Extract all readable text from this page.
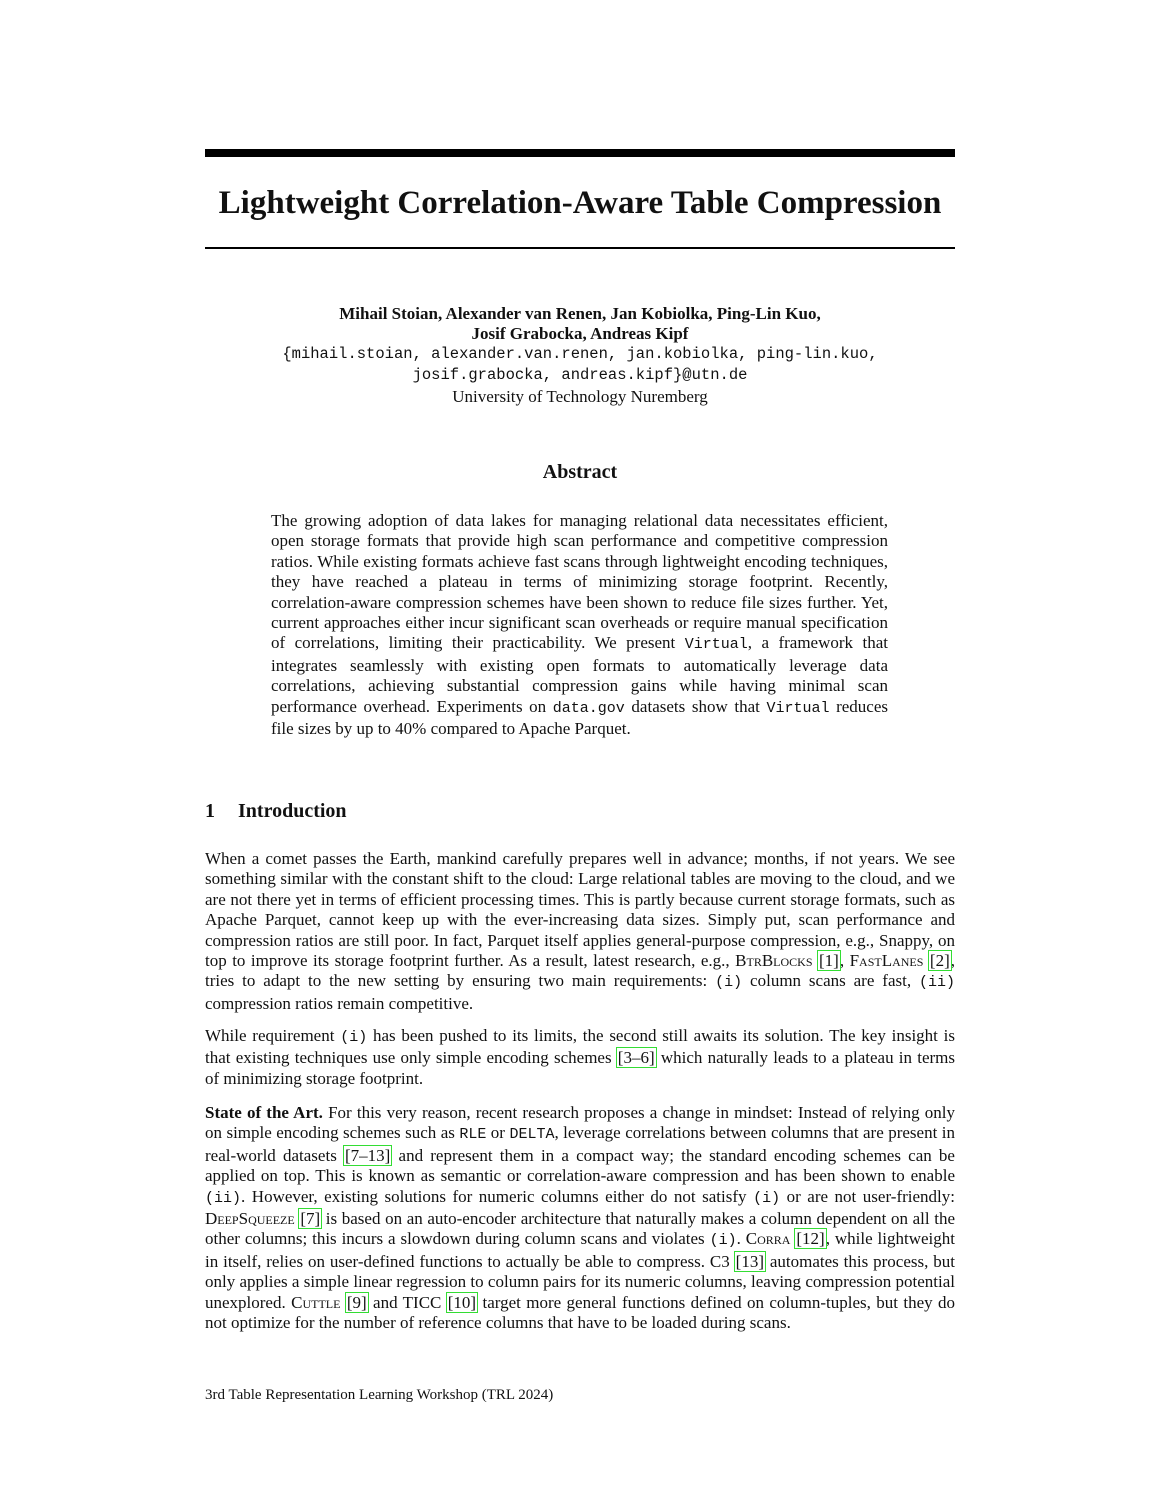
Lightweight Correlation-Aware Table Compression
Mihail Stoian, Alexander van Renen, Jan Kobiolka, Ping-Lin Kuo,
Josif Grabocka, Andreas Kipf
{mihail.stoian, alexander.van.renen, jan.kobiolka, ping-lin.kuo,
josif.grabocka, andreas.kipf}@utn.de
University of Technology Nuremberg
Abstract

The growing adoption of data lakes for managing relational data necessitates efficient, open storage formats that provide high scan performance and competitive compression ratios. While existing formats achieve fast scans through lightweight encoding techniques, they have reached a plateau in terms of minimizing storage footprint. Recently, correlation-aware compression schemes have been shown to reduce file sizes further. Yet, current approaches either incur significant scan overheads or require manual specification of correlations, limiting their practicability. We present Virtual, a framework that integrates seamlessly with existing open formats to automatically leverage data correlations, achieving substantial compression gains while having minimal scan performance overhead. Experiments on data.gov datasets show that Virtual reduces file sizes by up to 40% compared to Apache Parquet.

1 Introduction

When a comet passes the Earth, mankind carefully prepares well in advance; months, if not years. We see something similar with the constant shift to the cloud: Large relational tables are moving to the cloud, and we are not there yet in terms of efficient processing times. This is partly because current storage formats, such as Apache Parquet, cannot keep up with the ever-increasing data sizes. Simply put, scan performance and compression ratios are still poor. In fact, Parquet itself applies general-purpose compression, e.g., Snappy, on top to improve its storage footprint further. As a result, latest research, e.g., BtrBlocks [1], FastLanes [2], tries to adapt to the new setting by ensuring two main requirements: (i) column scans are fast, (ii) compression ratios remain competitive.

While requirement (i) has been pushed to its limits, the second still awaits its solution. The key insight is that existing techniques use only simple encoding schemes [3–6] which naturally leads to a plateau in terms of minimizing storage footprint.

State of the Art. For this very reason, recent research proposes a change in mindset: Instead of relying only on simple encoding schemes such as RLE or DELTA, leverage correlations between columns that are present in real-world datasets [7–13] and represent them in a compact way; the standard encoding schemes can be applied on top. This is known as semantic or correlation-aware compression and has been shown to enable (ii). However, existing solutions for numeric columns either do not satisfy (i) or are not user-friendly: DeepSqueeze [7] is based on an auto-encoder architecture that naturally makes a column dependent on all the other columns; this incurs a slowdown during column scans and violates (i). Corra [12], while lightweight in itself, relies on user-defined functions to actually be able to compress. C3 [13] automates this process, but only applies a simple linear regression to column pairs for its numeric columns, leaving compression potential unexplored. Cuttle [9] and TICC [10] target more general functions defined on column-tuples, but they do not optimize for the number of reference columns that have to be loaded during scans.

3rd Table Representation Learning Workshop (TRL 2024)
